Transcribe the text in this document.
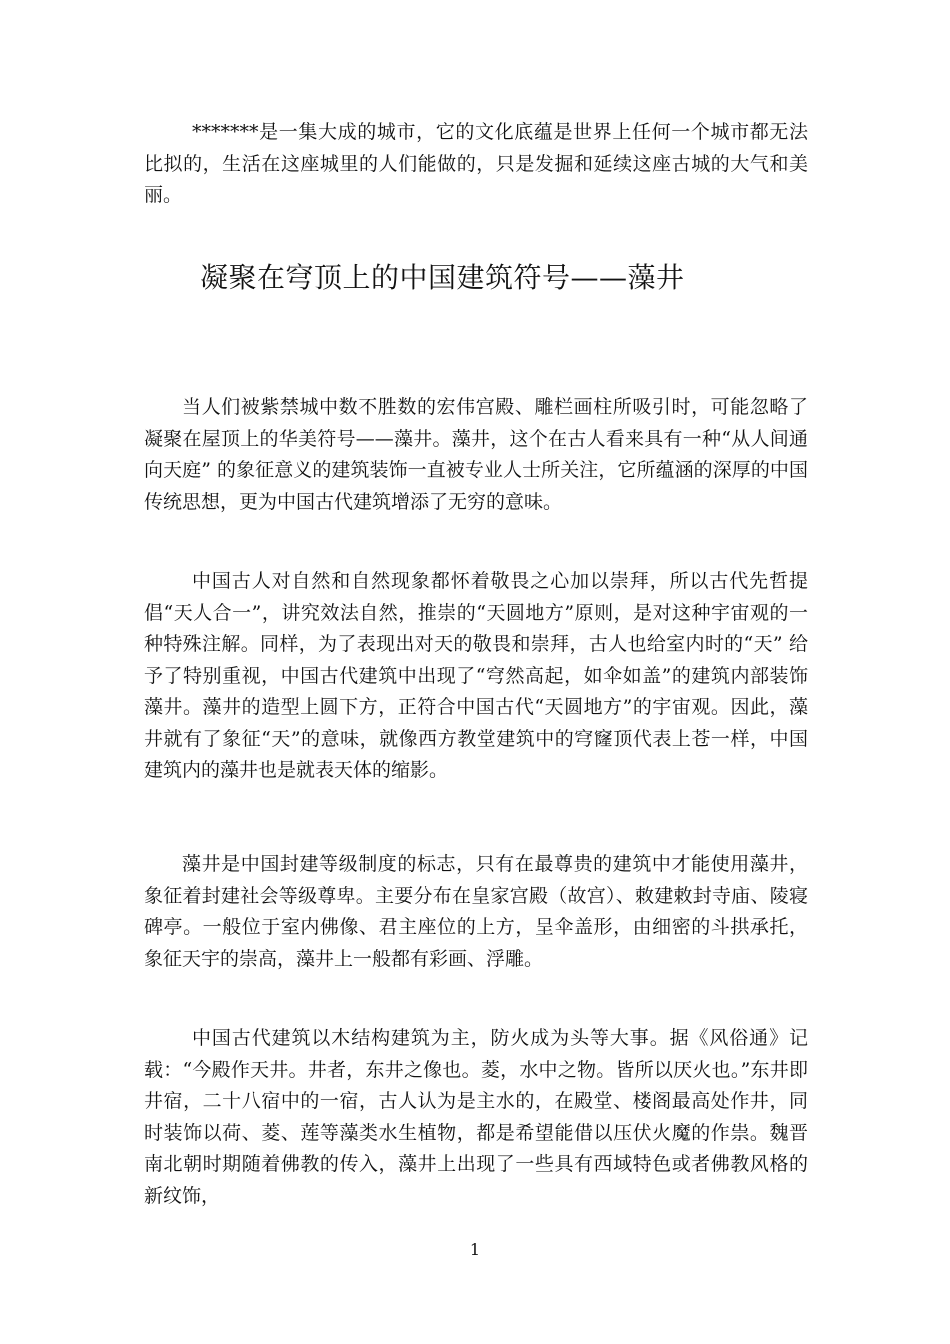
*******是一集大成的城市，它的文化底蕴是世界上任何一个城市都无法比拟的，生活在这座城里的人们能做的，只是发掘和延续这座古城的大气和美丽。

凝聚在穹顶上的中国建筑符号——藻井

当人们被紫禁城中数不胜数的宏伟宫殿、雕栏画柱所吸引时，可能忽略了凝聚在屋顶上的华美符号——藻井。藻井，这个在古人看来具有一种“从人间通向天庭” 的象征意义的建筑装饰一直被专业人士所关注，它所蕴涵的深厚的中国传统思想，更为中国古代建筑增添了无穷的意味。

中国古人对自然和自然现象都怀着敬畏之心加以崇拜，所以古代先哲提倡“天人合一”，讲究效法自然，推崇的“天圆地方”原则，是对这种宇宙观的一种特殊注解。同样，为了表现出对天的敬畏和崇拜，古人也给室内时的“天” 给予了特别重视，中国古代建筑中出现了“穹然高起，如伞如盖”的建筑内部装饰藻井。藻井的造型上圆下方，正符合中国古代“天圆地方”的宇宙观。因此，藻井就有了象征“天”的意味，就像西方教堂建筑中的穹窿顶代表上苍一样，中国建筑内的藻井也是就表天体的缩影。

藻井是中国封建等级制度的标志，只有在最尊贵的建筑中才能使用藻井，象征着封建社会等级尊卑。主要分布在皇家宫殿（故宫）、敕建敕封寺庙、陵寝碑亭。一般位于室内佛像、君主座位的上方，呈伞盖形，由细密的斗拱承托，象征天宇的崇高，藻井上一般都有彩画、浮雕。

中国古代建筑以木结构建筑为主，防火成为头等大事。据《风俗通》记载：“今殿作天井。井者，东井之像也。菱，水中之物。皆所以厌火也。”东井即井宿，二十八宿中的一宿，古人认为是主水的，在殿堂、楼阁最高处作井，同时装饰以荷、菱、莲等藻类水生植物，都是希望能借以压伏火魔的作祟。魏晋南北朝时期随着佛教的传入，藻井上出现了一些具有西域特色或者佛教风格的新纹饰，

1
